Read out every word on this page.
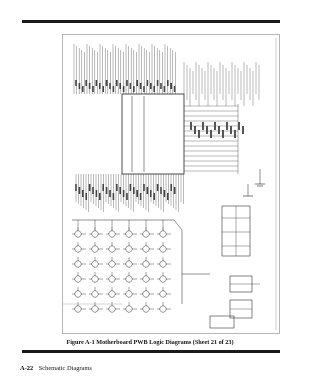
Figure A-1 Motherboard PWB Logic Diagrams (Sheet 21 of 23)
A-22 Schematic Diagrams
